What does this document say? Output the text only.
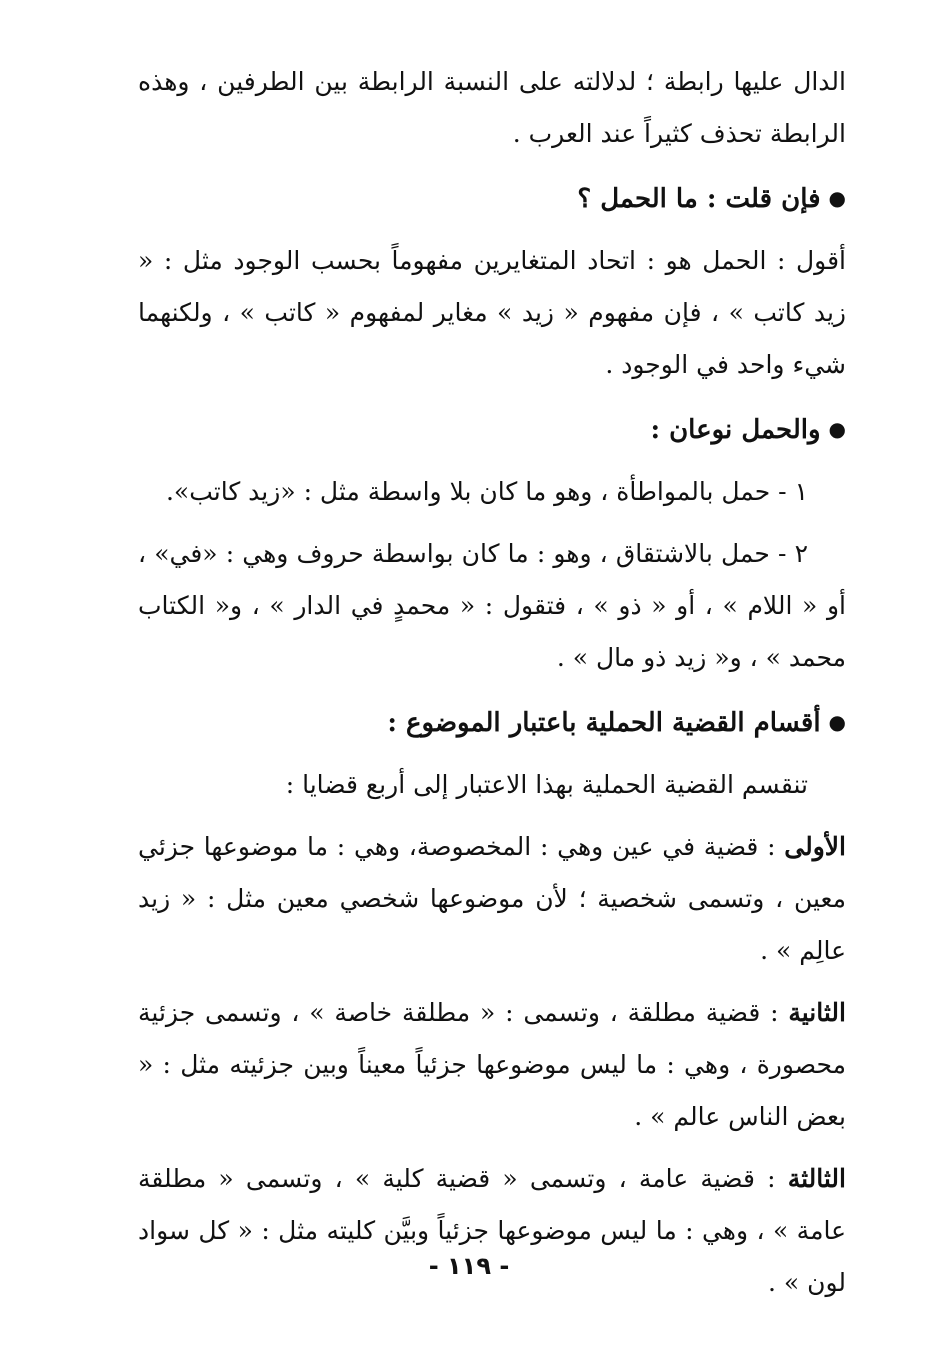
الدال عليها رابطة ؛ لدلالته على النسبة الرابطة بين الطرفين ، وهذه الرابطة تحذف كثيراً عند العرب .

●فإن قلت : ما الحمل ؟

أقول : الحمل هو : اتحاد المتغايرين مفهوماً بحسب الوجود مثل : « زيد كاتب » ، فإن مفهوم « زيد » مغاير لمفهوم « كاتب » ، ولكنهما شيء واحد في الوجود .

●والحمل نوعان :

١ - حمل بالمواطأة ، وهو ما كان بلا واسطة مثل : «زيد كاتب».

٢ - حمل بالاشتقاق ، وهو : ما كان بواسطة حروف وهي : «في» ، أو « اللام » ، أو « ذو » ، فتقول : « محمدٍ في الدار » ، و« الكتاب محمد » ، و« زيد ذو مال » .

●أقسام القضية الحملية باعتبار الموضوع :

تنقسم القضية الحملية بهذا الاعتبار إلى أربع قضايا :

الأولى : قضية في عين وهي : المخصوصة، وهي : ما موضوعها جزئي معين ، وتسمى شخصية ؛ لأن موضوعها شخصي معين مثل : « زيد عالِم » .

الثانية : قضية مطلقة ، وتسمى : « مطلقة خاصة » ، وتسمى جزئية محصورة ، وهي : ما ليس موضوعها جزئياً معيناً وبين جزئيته مثل : « بعض الناس عالم » .

الثالثة : قضية عامة ، وتسمى « قضية كلية » ، وتسمى « مطلقة عامة » ، وهي : ما ليس موضوعها جزئياً وبيَّن كليته مثل : « كل سواد لون » .

- ١١٩ -
